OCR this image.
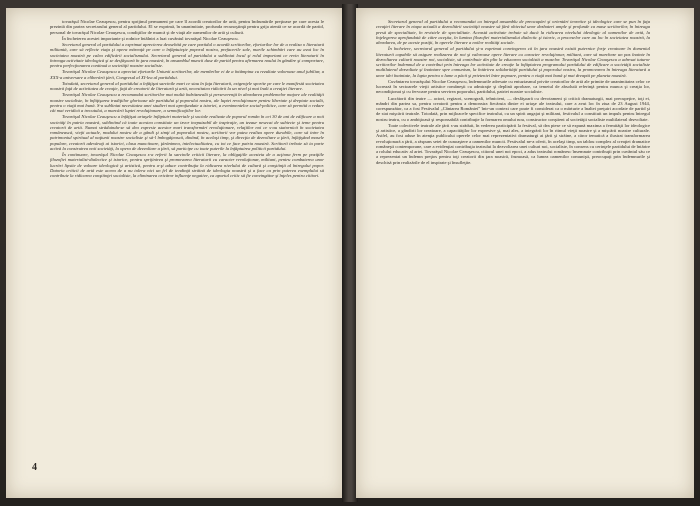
tovarăşul Nicolae Ceauşescu, pentru sprijinul permanent pe care îl acordă creatorilor de artă, pentru îndrumările preţioase pe care acesta le prezintă din partea secretarului general al partidului. El se exprimă, în unanimitate, profunda recunoştinţă pentru grija atentă ce se acordă de partid, personal de tovarăşul Nicolae Ceauşescu, condiţiilor de muncă şi de viaţă ale oamenilor de artă şi cultură.

În încheierea acestei importante şi rodnice întâlniri a luat cuvântul tovarăşul Nicolae Ceauşescu.

Secretarul general al partidului a exprimat aprecierea deosebită pe care partidul o acordă scriitorilor, eforturilor lor de a realiza o literatură militantă, care să reflecte viaţa şi opera măreaţă pe care o înfăptuieşte poporul nostru, prefacerile sale, marile schimbări care au avut loc în societatea noastră pe calea edificării socialismului. Secretarul general al partidului a subliniat locul şi rolul important ce revin literaturii în întreaga activitate ideologică şi se desfăşoară în ţara noastră, în ansamblul muncii duse de partid pentru afirmarea noului în gândire şi comportare, pentru perfecţionarea continuă a societăţii noastre socialiste.

Tovarăşul Nicolae Ceauşescu a apreciat eforturile Uniunii scriitorilor, ale membrilor ei de a întâmpina cu rezultate valoroase anul jubiliar, a XXX-a aniversare a eliberării ţării, Congresul al XI-lea al partidului.

Totodată, secretarul general al partidului a înfăţişat sarcinile mari ce stau în faţa literaturii, exigenţele sporite pe care le manifestă societatea noastră faţă de activitatea de creaţie, faţă de creatorii de literatură şi artă, necesitatea ridicării la un nivel şi mai înalt a creaţiei literare.

Tovarăşul Nicolae Ceauşescu a recomandat scriitorilor mai multă îndrăzneală şi perseverenţă în abordarea problemelor majore ale realităţii noastre socialiste, în înfăţişarea tradiţiilor glorioase ale partidului şi poporului nostru, ale luptei revoluţionare pentru libertate şi dreptate socială, pentru o viaţă mai bună. S-a subliniat necesitatea unei studieri mai aprofundate a istoriei, a evenimentelor social-politice, care să permită o redare cât mai veridică a trecutului, a marcării luptei revoluţionare, a semnificaţiilor lor.

Tovarăşul Nicolae Ceauşescu a înfăţişat uriaşele înfăptuiri materiale şi sociale realizate de poporul român în cei 30 de ani de edificare a noii societăţi în patria noastră, subliniind că toate acestea constituie un izvor inepuizabil de inspiraţie, un tezaur nesecat de subiecte şi teme pentru creatorii de artă. Numai străduindu-se să dea expresie acestor mari transformări revoluţionare, relaţiilor noi ce s-au statornicit în societatea românească, vieţii actuale, modului nostru de a gândi şi simţi al poporului nostru, scriitorii vor putea realiza opere durabile, care să intre în patrimoniul spiritual al naţiunii noastre socialiste şi să-l îmbogăţească, dinând, în acelaşi timp, şi direcţia de dezvoltare a ţării, înfăţişând masele populare, creatorii adevăraţi ai istoriei, clasa muncitoare, ţărănimea, intelectualitatea, cu tot ce face patria noastră. Scriitorii trebuie să ia parte activă la construirea noii societăţi, la opera de dezvoltare a ţării, să participe cu toate puterile la înfăptuirea politicii partidului.

În continuare, tovarăşul Nicolae Ceauşescu s-a referit la sarcinile criticii literare, la obligaţiile acesteia de a acţiona ferm pe poziţiile filozofiei materialist-dialectice şi istorice, pentru sprijinirea şi promovarea literaturii cu caracter revoluţionar, militant, pentru combaterea unor lucrări lipsite de valoare ideologică şi artistică, pentru a-şi aduce contribuţia la ridicarea nivelului de cultură şi conştiinţă al întregului popor. Datoria criticii de artă este aceea de a nu tolera nici un fel de tendinţă străină de ideologia noastră şi a face ca prin puterea exemplului să contribuie la ridicarea conştiinţei socialiste, la eliminarea oricăror influenţe negative, ca aportul critic să fie convingător şi înţeles pentru cititori.

4

Secretarul general al partidului a recomandat ca întregul ansamblu de preocupări şi orientări teoretice şi ideologice care se pun în faţa creaţiei literare în etapa actuală a dezvoltării societăţii noastre să fără obiectul unor dezbateri ample şi profunde ca mase scriitorilor, în întreaga presă de specialitate, în revistele de specialitate. Această activitate trebuie să ducă la ridicarea nivelului ideologic al oamenilor de artă, la înţelegerea aprofundată de către aceştia, în lumina filozofiei materialismului dialectic şi istoric, a proceselor care au loc în societatea noastră, la abordarea, de pe aceste poziţii, în operele literare a noilor realităţi sociale.

În încheiere, secretarul general al partidului şi-a exprimat convingerea că în ţara noastră există puternice forţe creatoare în domeniul literaturii capabile să asigure realizarea de noi şi valoroase opere literare cu caracter revoluţionar, militant, care să marcheze un pas înainte în dezvoltarea culturii noastre noi, socialiste, să contribuie din plin la educarea socialistă a maselor. Tovarăşul Nicolae Ceauşescu a adresat tuturor scriitorilor îndemnul de a contribui prin întreaga lor activitate de creaţie la înfăptuirea programului partidului de edificare a societăţii socialiste multilateral dezvoltate şi înaintare spre comunism, la întărirea solidarităţii partidului şi poporului nostru, la promovarea în întreaga literatură a unor idei înaintate, la lupta pentru o lume a păcii şi prieteniei între popoare, pentru o viaţă mai bună şi mai dreaptă pe planeta noastră.

Cuvântarea tovarăşului Nicolae Ceauşescu, îndemnurile adresate cu entuziasmul privite creatorilor de artă ale primite de unanimitatea celor ce lucrează în sectoarele vieţii artistice româneşti cu admiraţie şi deplină aprobare, ca temeiul de absolută referinţă pentru munca şi creaţia lor, necondiţionat şi cu fervoare pentru servirea poporului, partidului, patriei noastre socialiste.

Lucrătorii din teatre — actori, regizori, scenografi, tehnicieni, — desfăşoară cu devotament şi critică dramaturgii, mai precupeţire, toţi ei, mândri din partea sa, pentru creatorii pentru a demonstra fiecăruia dintre ei uriaşe ale teatrului, care a avut loc în ziua de 23 August 1944, corespunzător, ca a fost Festivalul „Cântarea României” într-un context care poate fi considerat ca o mărturie a înaltei preţuiri acordate de partid şi de stat mişcării teatrale. Totodată, prin mijloacele specifice teatrului, cu un spirit angajat şi militant, festivalul a constituit un impuls pentru întregul nostru teatru, cu o ambiţioasă şi responsabilă contribuţie la formarea omului nou, constructor conştient al societăţii socialiste multilateral dezvoltate.

Toate colectivele teatrale ale ţării s-au străduit, în vederea participării la festival, să dea piese ce să expună maxima a fermităţii lor ideologice şi artistice, a gândirii lor creatoare, a capacităţilor lor expresive şi, mai ales, a integrării lor în ritmul vieţii noastre şi a mişcării noastre culturale. Astfel, au fost aduse în atenţia publicului operele celor mai reprezentativi dramaturgi ai ţării şi străine, a căror tematică a ilustrat transformarea revoluţionară a ţării, a răspuns setei de cunoaştere a oamenilor muncii. Festivalul ne-a oferit, în acelaşi timp, un tablou complex al creaţiei dramatice româneşti contemporane, care a evidenţiat contribuţia teatrului la dezvoltarea unei culturi noi, socialiste, în consens cu cerinţele partidului de întărire a rolului educativ al artei. Tovarăşul Nicolae Ceauşescu, ctitorul unei noi epoci, a adus teatrului românesc însemnate contribuţii prin cuvântul său ce a reprezentat un îndemn preţios pentru toţi creatorii din ţara noastră, frumoasă, ca lumea oamenilor comunişti, preocupaţi prin îndemnurile şi deschisă prin realizările de el inspirate şi însufleţite.
